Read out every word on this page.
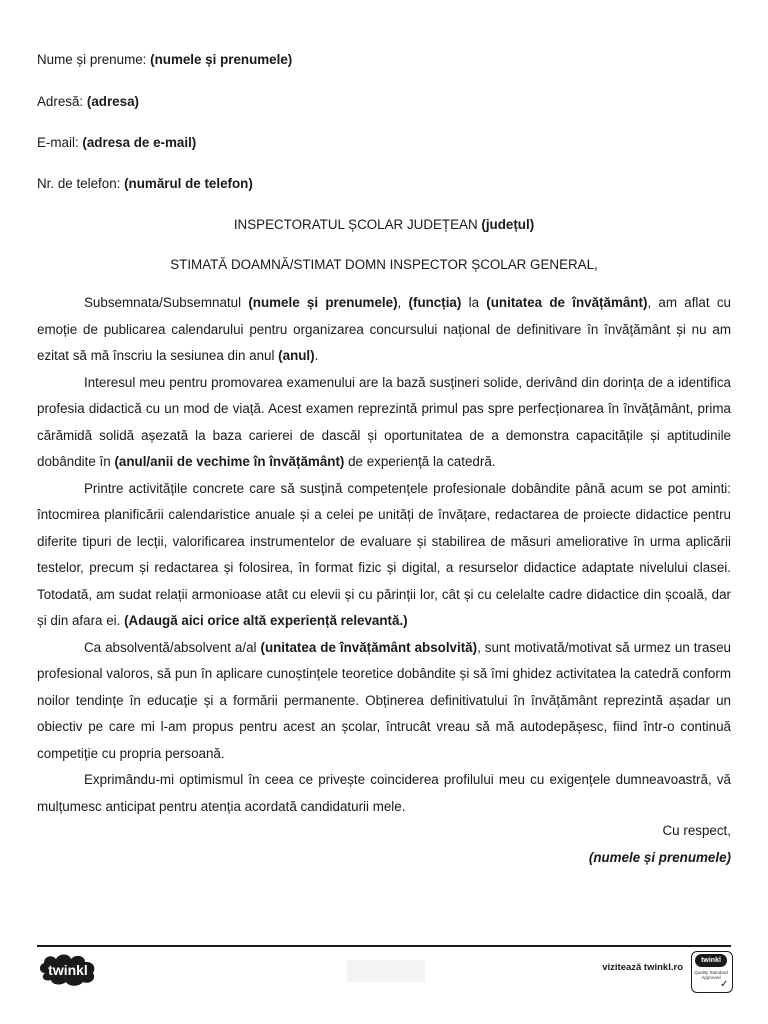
Nume și prenume: (numele și prenumele)
Adresă: (adresa)
E-mail: (adresa de e-mail)
Nr. de telefon: (numărul de telefon)
INSPECTORATUL ȘCOLAR JUDEȚEAN (județul)
STIMATĂ DOAMNĂ/STIMAT DOMN INSPECTOR ȘCOLAR GENERAL,

Subsemnata/Subsemnatul (numele și prenumele), (funcția) la (unitatea de învățământ), am aflat cu emoție de publicarea calendarului pentru organizarea concursului național de definitivare în învățământ și nu am ezitat să mă înscriu la sesiunea din anul (anul).

Interesul meu pentru promovarea examenului are la bază susțineri solide, derivând din dorința de a identifica profesia didactică cu un mod de viață. Acest examen reprezintă primul pas spre perfecționarea în învățământ, prima cărămidă solidă așezată la baza carierei de dascăl și oportunitatea de a demonstra capacitățile și aptitudinile dobândite în (anul/anii de vechime în învățământ) de experiență la catedră.

Printre activitățile concrete care să susțină competențele profesionale dobândite până acum se pot aminti: întocmirea planificării calendaristice anuale și a celei pe unități de învățare, redactarea de proiecte didactice pentru diferite tipuri de lecții, valorificarea instrumentelor de evaluare și stabilirea de măsuri ameliorative în urma aplicării testelor, precum și redactarea și folosirea, în format fizic și digital, a resurselor didactice adaptate nivelului clasei. Totodată, am sudat relații armonioase atât cu elevii și cu părinții lor, cât și cu celelalte cadre didactice din școală, dar și din afara ei. (Adaugă aici orice altă experiență relevantă.)

Ca absolventă/absolvent a/al (unitatea de învățământ absolvită), sunt motivată/motivat să urmez un traseu profesional valoros, să pun în aplicare cunoștințele teoretice dobândite și să îmi ghidez activitatea la catedră conform noilor tendințe în educație și a formării permanente. Obținerea definitivatului în învățământ reprezintă așadar un obiectiv pe care mi l-am propus pentru acest an școlar, întrucât vreau să mă autodepășesc, fiind într-o continuă competiție cu propria persoană.

Exprimându-mi optimismul în ceea ce privește coinciderea profilului meu cu exigențele dumneavoastră, vă mulțumesc anticipat pentru atenția acordată candidaturii mele.

Cu respect,
(numele și prenumele)
twinkl	vizitează twinkl.ro
twinkl
Quality Standard Approved
✓
